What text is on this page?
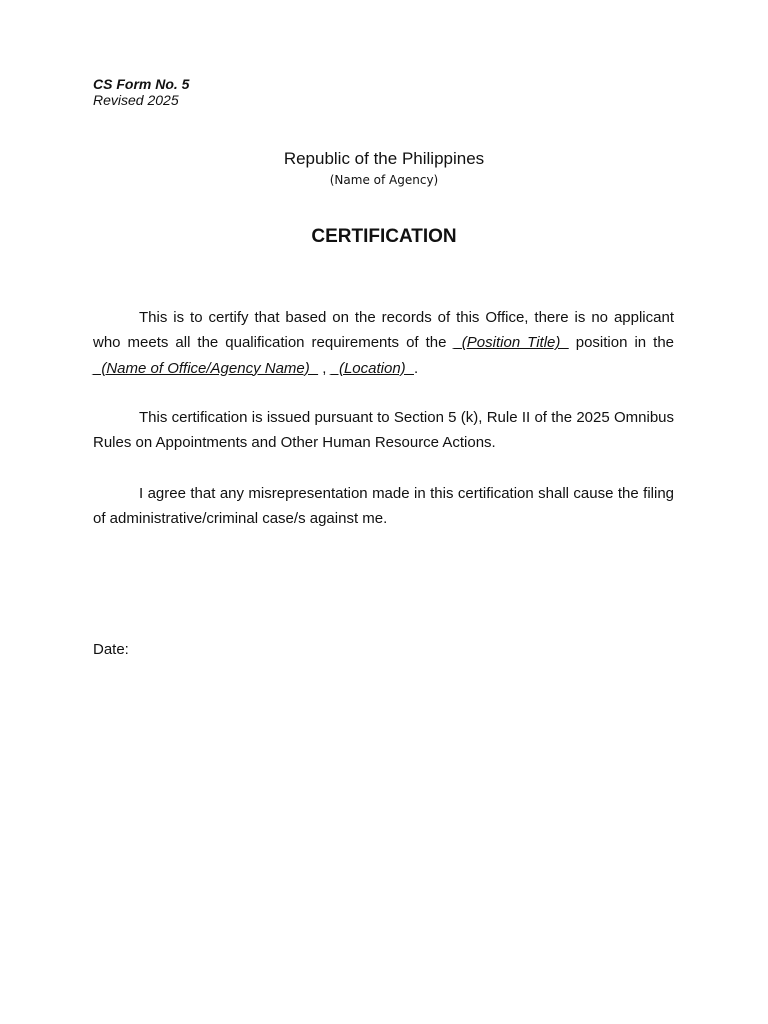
CS Form No. 5
Revised 2025
Republic of the Philippines
(Name of Agency)
CERTIFICATION

This is to certify that based on the records of this Office, there is no applicant who meets all the qualification requirements of the _(Position Title)_ position in the _(Name of Office/Agency Name)_ , _(Location)_.

This certification is issued pursuant to Section 5 (k), Rule II of the 2025 Omnibus Rules on Appointments and Other Human Resource Actions.

I agree that any misrepresentation made in this certification shall cause the filing of administrative/criminal case/s against me.

Date:
